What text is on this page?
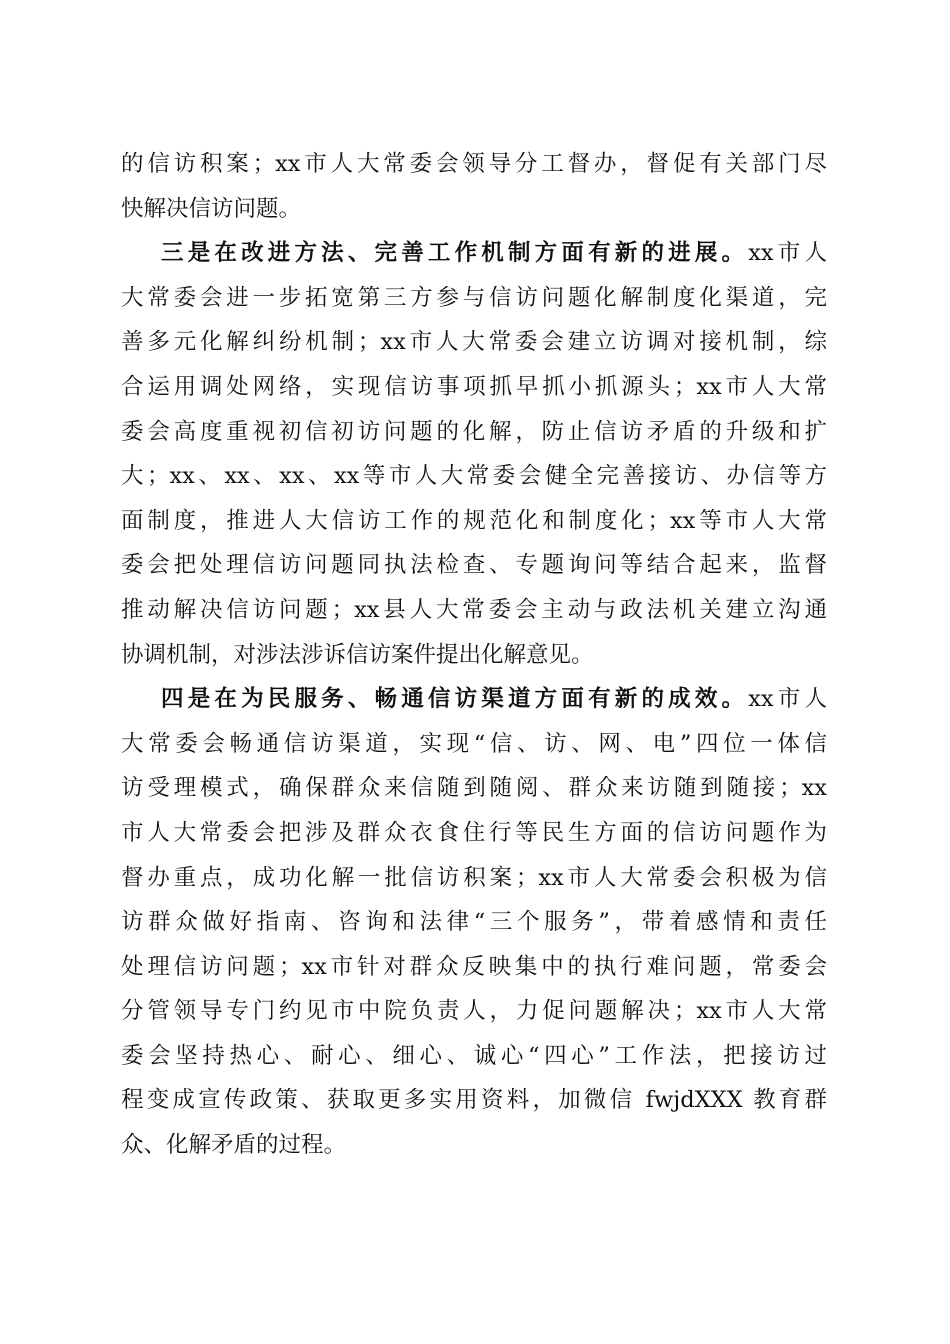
的信访积案；xx市人大常委会领导分工督办，督促有关部门尽
快解决信访问题。
三是在改进方法、完善工作机制方面有新的进展。xx市人
大常委会进一步拓宽第三方参与信访问题化解制度化渠道，完
善多元化解纠纷机制；xx市人大常委会建立访调对接机制，综
合运用调处网络，实现信访事项抓早抓小抓源头；xx市人大常
委会高度重视初信初访问题的化解，防止信访矛盾的升级和扩
大；xx、xx、xx、xx等市人大常委会健全完善接访、办信等方
面制度，推进人大信访工作的规范化和制度化；xx等市人大常
委会把处理信访问题同执法检查、专题询问等结合起来，监督
推动解决信访问题；xx县人大常委会主动与政法机关建立沟通
协调机制，对涉法涉诉信访案件提出化解意见。
四是在为民服务、畅通信访渠道方面有新的成效。xx市人
大常委会畅通信访渠道，实现“信、访、网、电”四位一体信
访受理模式，确保群众来信随到随阅、群众来访随到随接；xx
市人大常委会把涉及群众衣食住行等民生方面的信访问题作为
督办重点，成功化解一批信访积案；xx市人大常委会积极为信
访群众做好指南、咨询和法律“三个服务”，带着感情和责任
处理信访问题；xx市针对群众反映集中的执行难问题，常委会
分管领导专门约见市中院负责人，力促问题解决；xx市人大常
委会坚持热心、耐心、细心、诚心“四心”工作法，把接访过
程变成宣传政策、获取更多实用资料，加微信 fwjdXXX 教育群
众、化解矛盾的过程。
